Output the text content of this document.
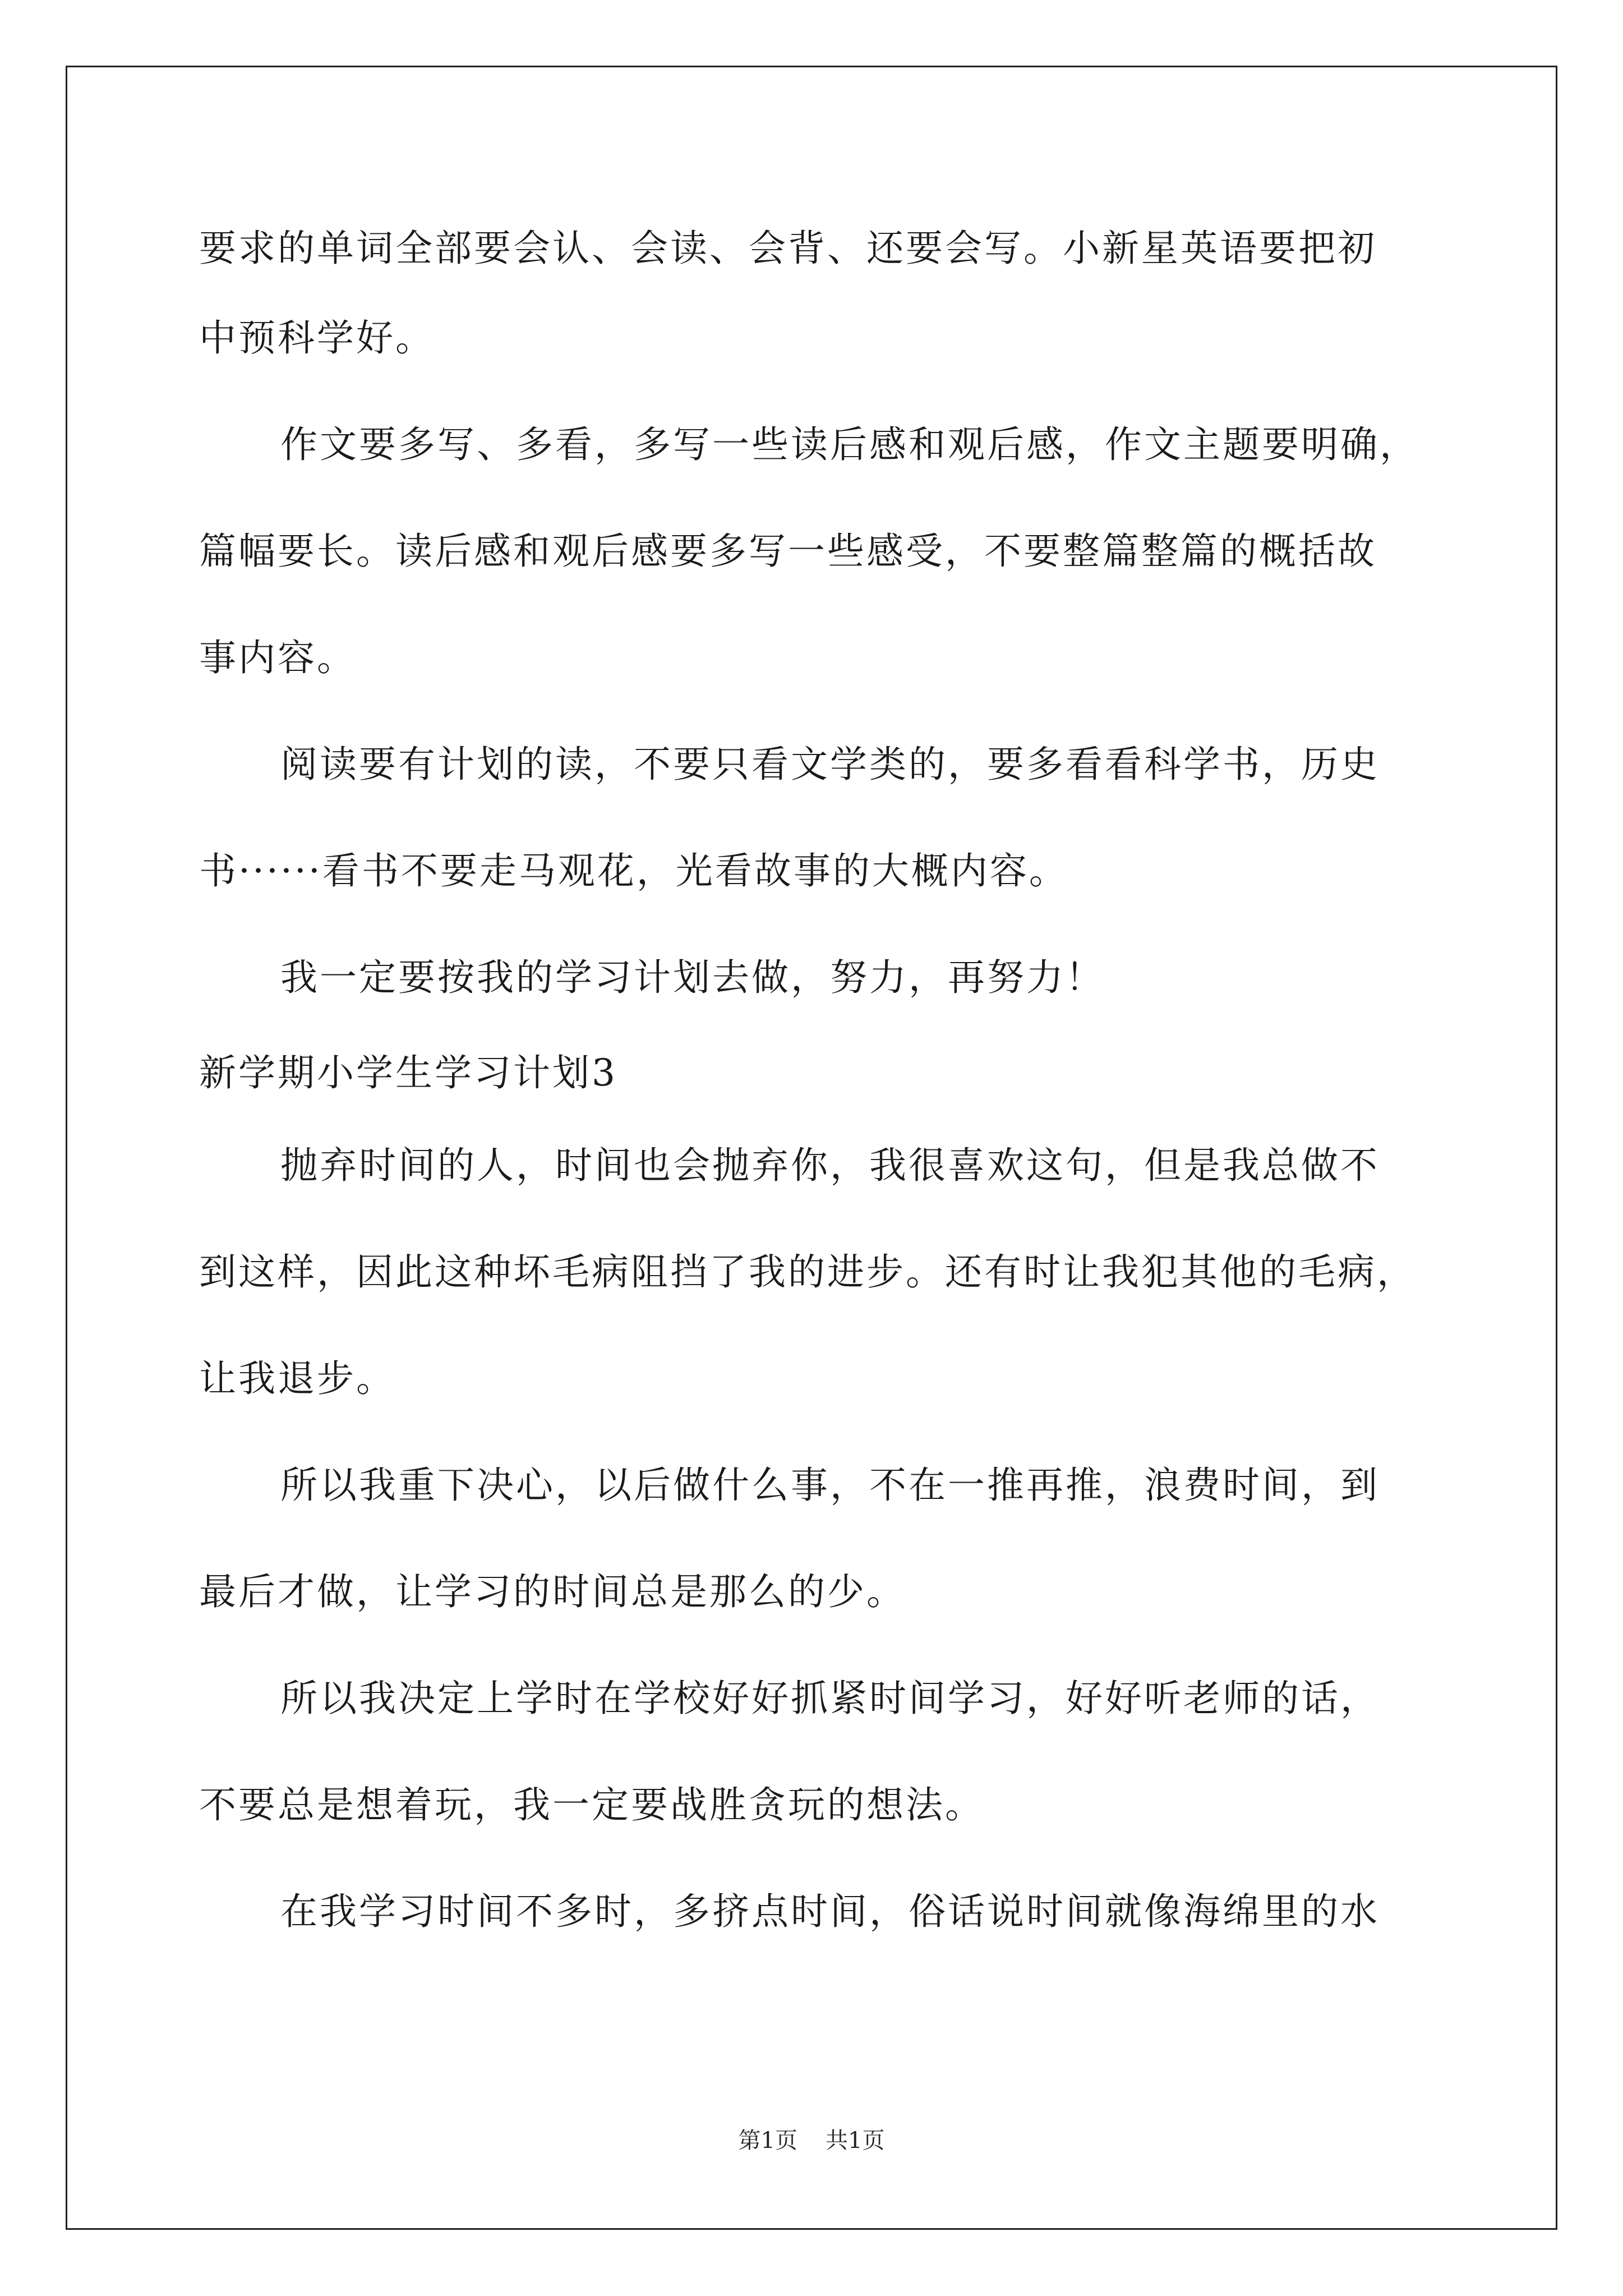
要求的单词全部要会认、会读、会背、还要会写。小新星英语要把初
中预科学好。
作文要多写、多看，多写一些读后感和观后感，作文主题要明确，
篇幅要长。读后感和观后感要多写一些感受，不要整篇整篇的概括故
事内容。
阅读要有计划的读，不要只看文学类的，要多看看科学书，历史
书······看书不要走马观花，光看故事的大概内容。
我一定要按我的学习计划去做，努力，再努力！
新学期小学生学习计划3
抛弃时间的人，时间也会抛弃你，我很喜欢这句，但是我总做不
到这样，因此这种坏毛病阻挡了我的进步。还有时让我犯其他的毛病，
让我退步。
所以我重下决心，以后做什么事，不在一推再推，浪费时间，到
最后才做，让学习的时间总是那么的少。
所以我决定上学时在学校好好抓紧时间学习，好好听老师的话，
不要总是想着玩，我一定要战胜贪玩的想法。
在我学习时间不多时，多挤点时间，俗话说时间就像海绵里的水
第1页 共1页
